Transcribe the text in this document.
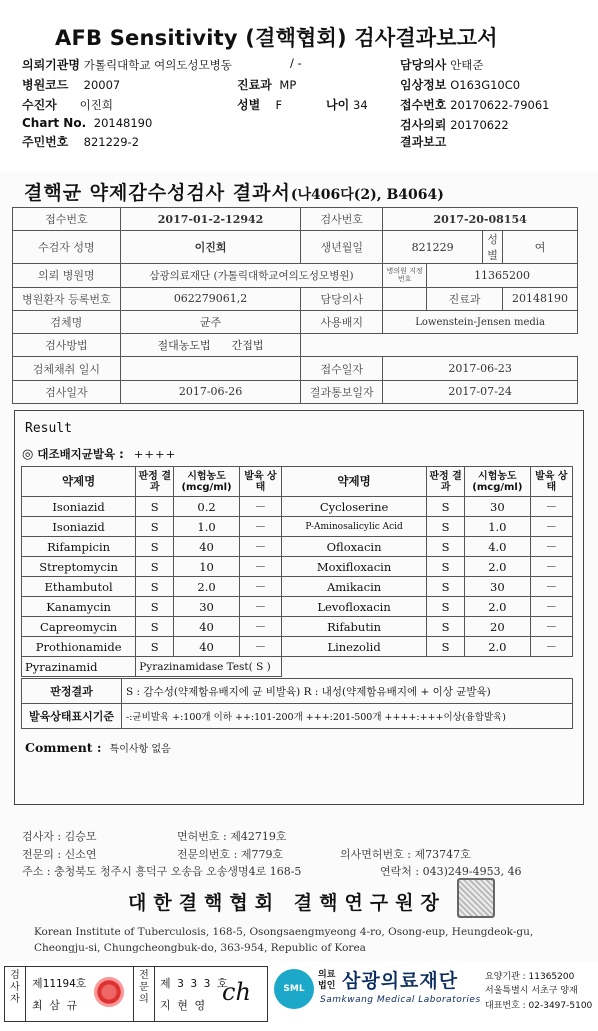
AFB Sensitivity (결핵협회) 검사결과보고서
의뢰기관명 가톨릭대학교 여의도성모병동	/ -	담당의사 안태준
병원코드 20007	진료과 MP	임상정보 O163G10C0
수진자 이진희	성별 F	나이 34	접수번호 20170622-79061
Chart No. 20148190	검사의뢰 20170622
주민번호 821229-2	결과보고
결핵균 약제감수성검사 결과서(나406다(2), B4064)
접수번호	2017-01-2-12942	검사번호	2017-20-08154			
수검자 성명	이진희	생년월일	821229		성별	여
의뢰 병원명	삼광의료재단 (가톨릭대학교여의도성모병원)		병의원 지정번호	11365200		
병원환자 등록번호	062279061,2	담당의사		진료과		20148190
검체명	균주	사용배지	Lowenstein-Jensen media			
검사방법	절대농도법 간접법					
검체채취 일시		접수일자	2017-06-23			
검사일자	2017-06-26	결과통보일자	2017-07-24			
Result
◎ 대조배지균발육 : ++++
약제명	판정 결과	시험농도 (mcg/ml)	발육 상태	약제명	판정 결과	시험농도 (mcg/ml)	발육 상태
Isoniazid	S	0.2	－	Cycloserine	S	30	－
Isoniazid	S	1.0	－	P-Aminosalicylic Acid	S	1.0	－
Rifampicin	S	40	－	Ofloxacin	S	4.0	－
Streptomycin	S	10	－	Moxifloxacin	S	2.0	－
Ethambutol	S	2.0	－	Amikacin	S	30	－
Kanamycin	S	30	－	Levofloxacin	S	2.0	－
Capreomycin	S	40	－	Rifabutin	S	20	－
Prothionamide	S	40	－	Linezolid	S	2.0	－
Pyrazinamid	Pyrazinamidase Test( S )						
판정결과	S : 감수성(약제함유배지에 균 비발육) R : 내성(약제함유배지에 + 이상 균발육)
발육상태표시기준	-:균비발육 +:100개 이하 ++:101-200개 +++:201-500개 ++++:+++이상(융합발육)
Comment : 특이사항 없음
검사자 : 김승모	면허번호 : 제42719호
전문의 : 신소연	전문의번호 : 제779호	의사면허번호 : 제73747호
주소 : 충청북도 청주시 흥덕구 오송읍 오송생명4로 168-5	연락처 : 043)249-4953, 46
대한결핵협회 결핵연구원장
Korean Institute of Tuberculosis, 168-5, Osongsaengmyeong 4-ro, Osong-eup, Heungdeok-gu, Cheongju-si, Chungcheongbuk-do, 363-954, Republic of Korea
검사자
제11194호
최 삼 규
전문의
제 3 3 3 호
지 현 영 ch	SML
의료 법인 삼광의료재단
Samkwang Medical Laboratories
요양기관 : 11365200
서울특별시 서초구 양재
대표번호 : 02-3497-5100
